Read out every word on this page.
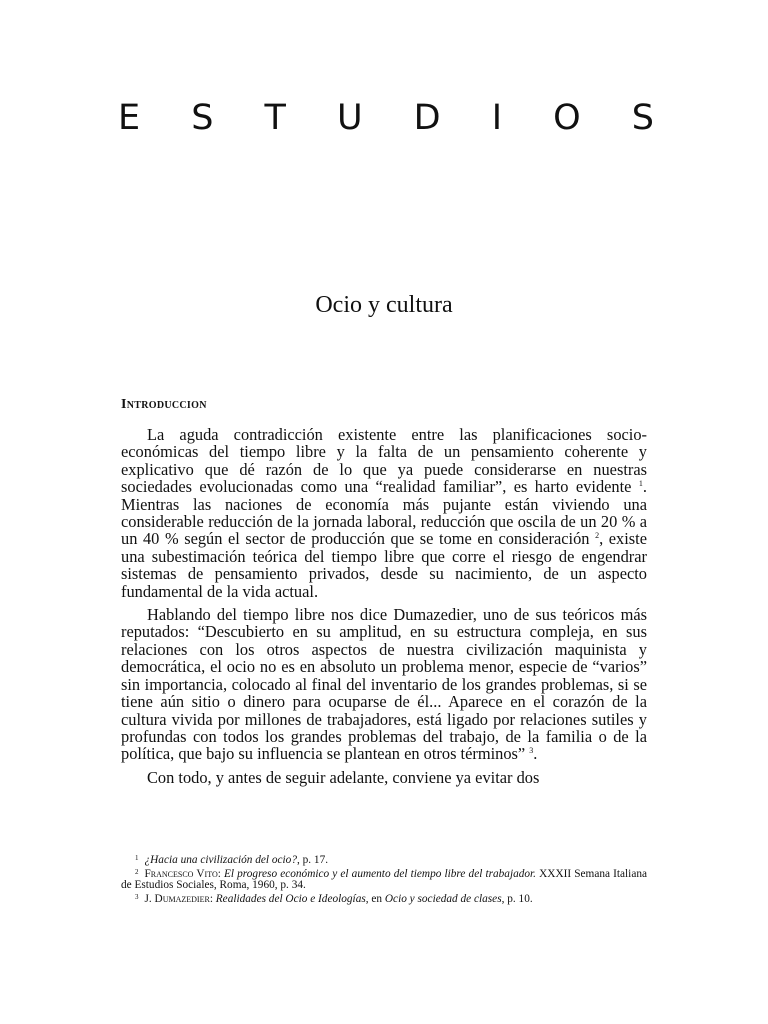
E S T U D I O S
Ocio y cultura
Introduccion

La aguda contradicción existente entre las planificaciones socio-económicas del tiempo libre y la falta de un pensamiento coherente y explicativo que dé razón de lo que ya puede considerarse en nuestras sociedades evolucionadas como una “realidad familiar”, es harto evidente $^1$. Mientras las naciones de economía más pujante están viviendo una considerable reducción de la jornada laboral, reducción que oscila de un 20 % a un 40 % según el sector de producción que se tome en consideración $^2$, existe una subestimación teórica del tiempo libre que corre el riesgo de engendrar sistemas de pensamiento privados, desde su nacimiento, de un aspecto fundamental de la vida actual.

Hablando del tiempo libre nos dice Dumazedier, uno de sus teóricos más reputados: “Descubierto en su amplitud, en su estructura compleja, en sus relaciones con los otros aspectos de nuestra civilización maquinista y democrática, el ocio no es en absoluto un problema menor, especie de “varios” sin importancia, colocado al final del inventario de los grandes problemas, si se tiene aún sitio o dinero para ocuparse de él... Aparece en el corazón de la cultura vivida por millones de trabajadores, está ligado por relaciones sutiles y profundas con todos los grandes problemas del trabajo, de la familia o de la política, que bajo su influencia se plantean en otros términos” $^3$.

Con todo, y antes de seguir adelante, conviene ya evitar dos

$^1$ ¿Hacia una civilización del ocio?, p. 17.

$^2$ Francesco Vito: El progreso económico y el aumento del tiempo libre del trabajador. XXXII Semana Italiana de Estudios Sociales, Roma, 1960, p. 34.

$^3$ J. Dumazedier: Realidades del Ocio e Ideologías, en Ocio y sociedad de clases, p. 10.
